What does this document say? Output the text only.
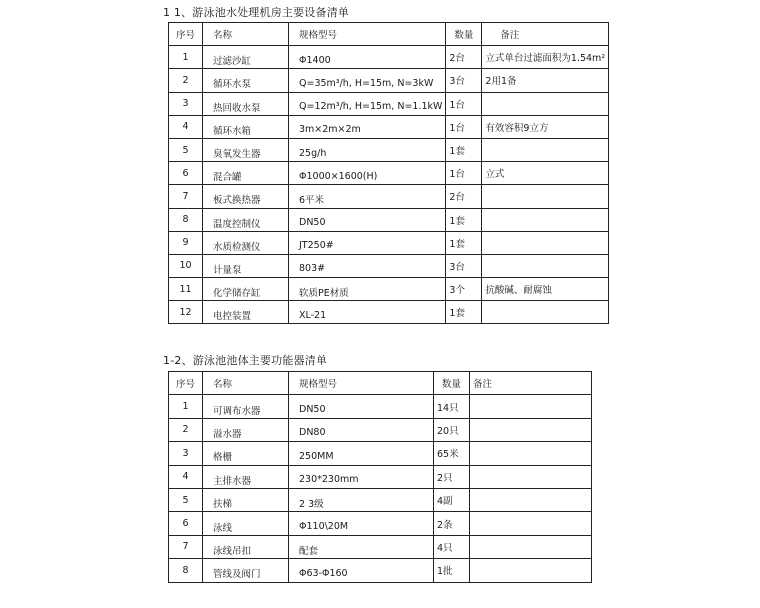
1 1、游泳池水处理机房主要设备清单
序号	名称	规格型号	数量	备注
1	过滤沙缸	Φ1400	2台	立式单台过滤面积为1.54m²
2	循环水泵	Q=35m³/h, H=15m, N=3kW	3台	2用1备
3	热回收水泵	Q=12m³/h, H=15m, N=1.1kW	1台	
4	循环水箱	3m×2m×2m	1台	有效容积9立方
5	臭氧发生器	25g/h	1套	
6	混合罐	Φ1000×1600(H)	1台	立式
7	板式换热器	6平米	2台	
8	温度控制仪	DN50	1套	
9	水质检测仪	JT250#	1套	
10	计量泵	803#	3台	
11	化学储存缸	软质PE材质	3个	抗酸碱、耐腐蚀
12	电控装置	XL-21	1套	
1-2、游泳池池体主要功能器清单
序号	名称	规格型号	数量	备注
1	可调布水器	DN50	14只	
2	溢水器	DN80	20只	
3	格栅	250MM	65米	
4	主排水器	230*230mm	2只	
5	扶梯	2 3级	4副	
6	泳线	Φ110\20M	2条	
7	泳线吊扣	配套	4只	
8	管线及阀门	Φ63-Φ160	1批	
